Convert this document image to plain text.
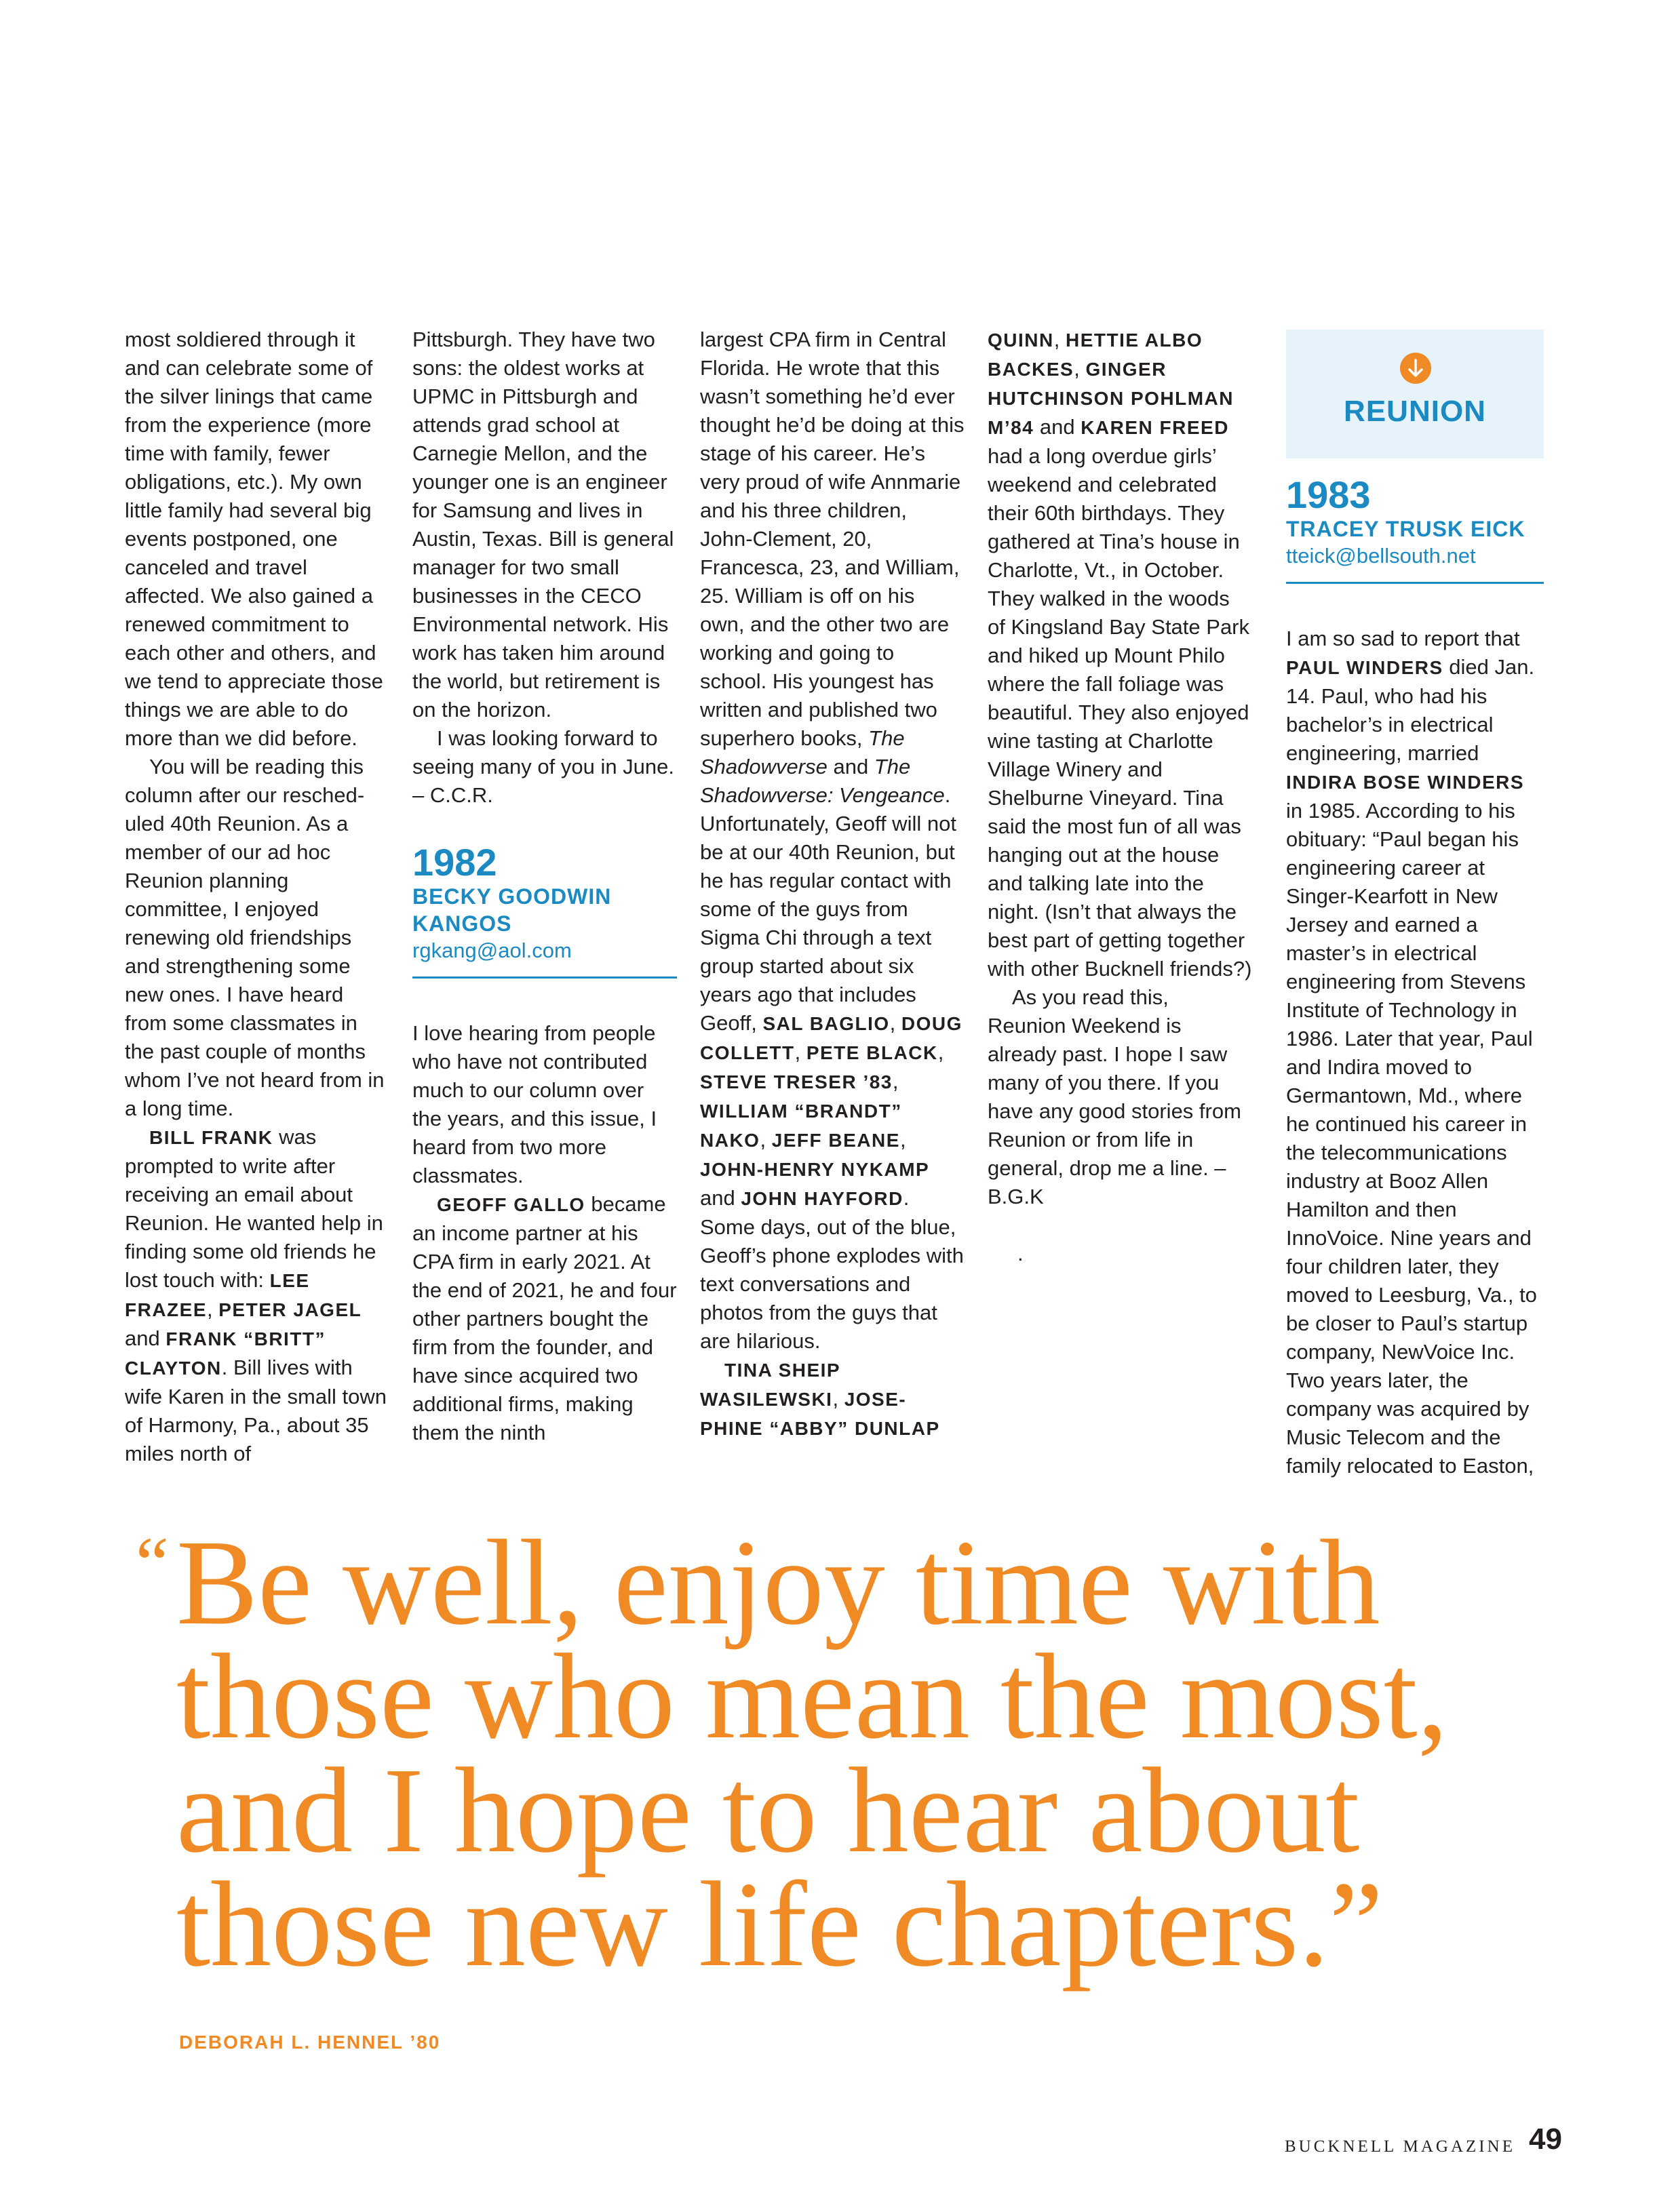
most soldiered through it and can celebrate some of the silver linings that came from the experience (more time with family, fewer obligations, etc.). My own little family had several big events postponed, one canceled and travel affected. We also gained a renewed commitment to each other and others, and we tend to appreciate those things we are able to do more than we did before.

You will be reading this column after our resched-uled 40th Reunion. As a member of our ad hoc Reunion planning committee, I enjoyed renewing old friendships and strengthening some new ones. I have heard from some classmates in the past couple of months whom I’ve not heard from in a long time.

BILL FRANK was prompted to write after receiving an email about Reunion. He wanted help in finding some old friends he lost touch with: LEE FRAZEE, PETER JAGEL and FRANK “BRITT” CLAYTON. Bill lives with wife Karen in the small town of Harmony, Pa., about 35 miles north of

Pittsburgh. They have two sons: the oldest works at UPMC in Pittsburgh and attends grad school at Carnegie Mellon, and the younger one is an engineer for Samsung and lives in Austin, Texas. Bill is general manager for two small businesses in the CECO Environmental network. His work has taken him around the world, but retirement is on the horizon.

I was looking forward to seeing many of you in June. – C.C.R.

1982
BECKY GOODWIN KANGOS
rgkang@aol.com

I love hearing from people who have not contributed much to our column over the years, and this issue, I heard from two more classmates.

GEOFF GALLO became an income partner at his CPA firm in early 2021. At the end of 2021, he and four other partners bought the firm from the founder, and have since acquired two additional firms, making them the ninth

largest CPA firm in Central Florida. He wrote that this wasn’t something he’d ever thought he’d be doing at this stage of his career. He’s very proud of wife Annmarie and his three children, John-Clement, 20, Francesca, 23, and William, 25. William is off on his own, and the other two are working and going to school. His youngest has written and published two superhero books, The Shadowverse and The Shadowverse: Vengeance. Unfortunately, Geoff will not be at our 40th Reunion, but he has regular contact with some of the guys from Sigma Chi through a text group started about six years ago that includes Geoff, SAL BAGLIO, DOUG COLLETT, PETE BLACK, STEVE TRESER ’83, WILLIAM “BRANDT” NAKO, JEFF BEANE, JOHN-HENRY NYKAMP and JOHN HAYFORD. Some days, out of the blue, Geoff’s phone explodes with text conversations and photos from the guys that are hilarious.

TINA SHEIP WASILEWSKI, JOSE-PHINE “ABBY” DUNLAP

QUINN, HETTIE ALBO BACKES, GINGER HUTCHINSON POHLMAN M’84 and KAREN FREED had a long overdue girls’ weekend and celebrated their 60th birthdays. They gathered at Tina’s house in Charlotte, Vt., in October. They walked in the woods of Kingsland Bay State Park and hiked up Mount Philo where the fall foliage was beautiful. They also enjoyed wine tasting at Charlotte Village Winery and Shelburne Vineyard. Tina said the most fun of all was hanging out at the house and talking late into the night. (Isn’t that always the best part of getting together with other Bucknell friends?)

As you read this, Reunion Weekend is already past. I hope I saw many of you there. If you have any good stories from Reunion or from life in general, drop me a line. – B.G.K

.

REUNION
1983
TRACEY TRUSK EICK
tteick@bellsouth.net

I am so sad to report that PAUL WINDERS died Jan. 14. Paul, who had his bachelor’s in electrical engineering, married INDIRA BOSE WINDERS in 1985. According to his obituary: “Paul began his engineering career at Singer-Kearfott in New Jersey and earned a master’s in electrical engineering from Stevens Institute of Technology in 1986. Later that year, Paul and Indira moved to Germantown, Md., where he continued his career in the telecommunications industry at Booz Allen Hamilton and then InnoVoice. Nine years and four children later, they moved to Leesburg, Va., to be closer to Paul’s startup company, NewVoice Inc. Two years later, the company was acquired by Music Telecom and the family relocated to Easton,

“ Be well, enjoy time with
those who mean the most,
and I hope to hear about
those new life chapters.”
DEBORAH L. HENNEL ’80
BUCKNELL MAGAZINE 49
